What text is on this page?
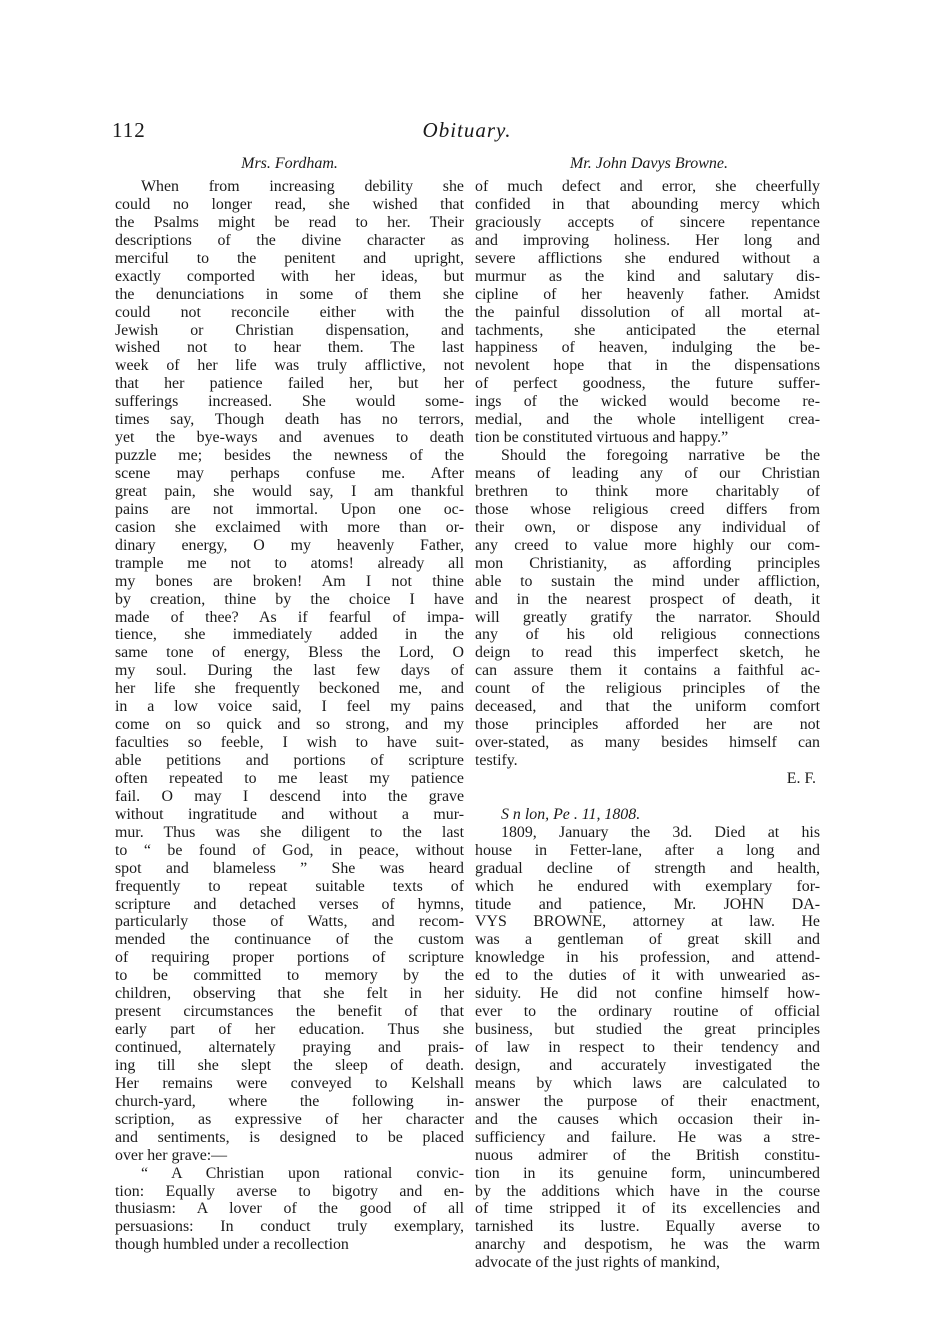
112	Obituary.
Mrs. Fordham.	Mr. John Davys Browne.
When from increasing debility she
could no longer read, she wished that
the Psalms might be read to her. Their
descriptions of the divine character as
merciful to the penitent and upright,
exactly comported with her ideas, but
the denunciations in some of them she
could not reconcile either with the
Jewish or Christian dispensation, and
wished not to hear them. The last
week of her life was truly afflictive, not
that her patience failed her, but her
sufferings increased. She would some-
times say, Though death has no terrors,
yet the bye-ways and avenues to death
puzzle me; besides the newness of the
scene may perhaps confuse me. After
great pain, she would say, I am thankful
pains are not immortal. Upon one oc-
casion she exclaimed with more than or-
dinary energy, O my heavenly Father,
trample me not to atoms! already all
my bones are broken! Am I not thine
by creation, thine by the choice I have
made of thee? As if fearful of impa-
tience, she immediately added in the
same tone of energy, Bless the Lord, O
my soul. During the last few days of
her life she frequently beckoned me, and
in a low voice said, I feel my pains
come on so quick and so strong, and my
faculties so feeble, I wish to have suit-
able petitions and portions of scripture
often repeated to me least my patience
fail. O may I descend into the grave
without ingratitude and without a mur-
mur. Thus was she diligent to the last
to “ be found of God, in peace, without
spot and blameless ” She was heard
frequently to repeat suitable texts of
scripture and detached verses of hymns,
particularly those of Watts, and recom-
mended the continuance of the custom
of requiring proper portions of scripture
to be committed to memory by the
children, observing that she felt in her
present circumstances the benefit of that
early part of her education. Thus she
continued, alternately praying and prais-
ing till she slept the sleep of death.
Her remains were conveyed to Kelshall
church-yard, where the following in-
scription, as expressive of her character
and sentiments, is designed to be placed
over her grave:—
“ A Christian upon rational convic-
tion: Equally averse to bigotry and en-
thusiasm: A lover of the good of all
persuasions: In conduct truly exemplary,
though humbled under a recollection
of much defect and error, she cheerfully
confided in that abounding mercy which
graciously accepts of sincere repentance
and improving holiness. Her long and
severe afflictions she endured without a
murmur as the kind and salutary dis-
cipline of her heavenly father. Amidst
the painful dissolution of all mortal at-
tachments, she anticipated the eternal
happiness of heaven, indulging the be-
nevolent hope that in the dispensations
of perfect goodness, the future suffer-
ings of the wicked would become re-
medial, and the whole intelligent crea-
tion be constituted virtuous and happy.”
Should the foregoing narrative be the
means of leading any of our Christian
brethren to think more charitably of
those whose religious creed differs from
their own, or dispose any individual of
any creed to value more highly our com-
mon Christianity, as affording principles
able to sustain the mind under affliction,
and in the nearest prospect of death, it
will greatly gratify the narrator. Should
any of his old religious connections
deign to read this imperfect sketch, he
can assure them it contains a faithful ac-
count of the religious principles of the
deceased, and that the uniform comfort
those principles afforded her are not
over-stated, as many besides himself can
testify.
E. F.
S n lon, Pe . 11, 1808.
1809, January the 3d. Died at his
house in Fetter-lane, after a long and
gradual decline of strength and health,
which he endured with exemplary for-
titude and patience, Mr. JOHN DA-
VYS BROWNE, attorney at law. He
was a gentleman of great skill and
knowledge in his profession, and attend-
ed to the duties of it with unwearied as-
siduity. He did not confine himself how-
ever to the ordinary routine of official
business, but studied the great principles
of law in respect to their tendency and
design, and accurately investigated the
means by which laws are calculated to
answer the purpose of their enactment,
and the causes which occasion their in-
sufficiency and failure. He was a stre-
nuous admirer of the British constitu-
tion in its genuine form, unincumbered
by the additions which have in the course
of time stripped it of its excellencies and
tarnished its lustre. Equally averse to
anarchy and despotism, he was the warm
advocate of the just rights of mankind,
